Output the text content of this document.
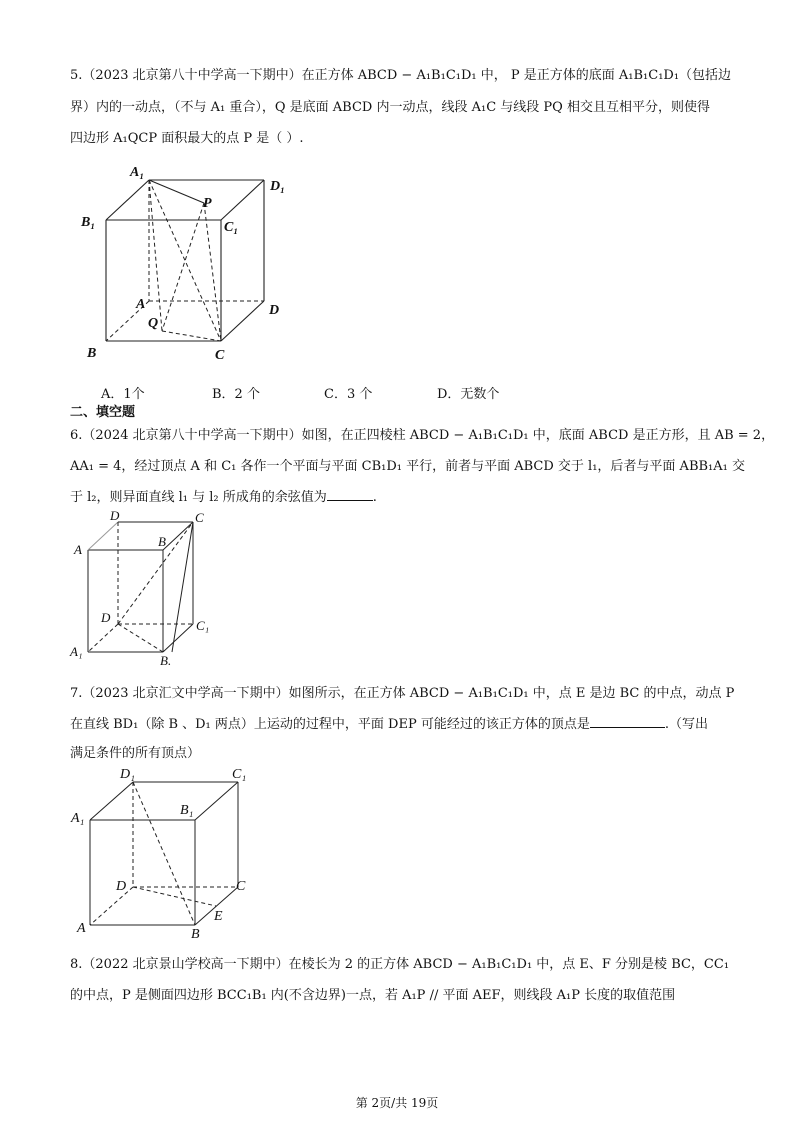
5.（2023 北京第八十中学高一下期中）在正方体 ABCD − A₁B₁C₁D₁ 中， P 是正方体的底面 A₁B₁C₁D₁（包括边
界）内的一动点，（不与 A₁ 重合），Q 是底面 ABCD 内一动点，线段 A₁C 与线段 PQ 相交且互相平分，则使得
四边形 A₁QCP 面积最大的点 P 是（ ）.
A₁
D₁
B₁	C₁
P
A	D
Q
B	C
A．1个	B．2 个	C．3 个	D．无数个
二、填空题
6.（2024 北京第八十中学高一下期中）如图，在正四棱柱 ABCD − A₁B₁C₁D₁ 中，底面 ABCD 是正方形，且 AB = 2，
AA₁ = 4，经过顶点 A 和 C₁ 各作一个平面与平面 CB₁D₁ 平行，前者与平面 ABCD 交于 l₁，后者与平面 ABB₁A₁ 交
于 l₂，则异面直线 l₁ 与 l₂ 所成角的余弦值为	.
D	C
A
B
D
C₁
A₁
B.
7.（2023 北京汇文中学高一下期中）如图所示，在正方体 ABCD − A₁B₁C₁D₁ 中，点 E 是边 BC 的中点，动点 P
在直线 BD₁（除 B 、D₁ 两点）上运动的过程中，平面 DEP 可能经过的该正方体的顶点是	.（写出
满足条件的所有顶点）
D₁	C₁
A₁
B₁
D	C
E
A	B
8.（2022 北京景山学校高一下期中）在棱长为 2 的正方体 ABCD − A₁B₁C₁D₁ 中，点 E、F 分别是棱 BC，CC₁
的中点，P 是侧面四边形 BCC₁B₁ 内(不含边界)一点，若 A₁P // 平面 AEF，则线段 A₁P 长度的取值范围
第 2页/共 19页
